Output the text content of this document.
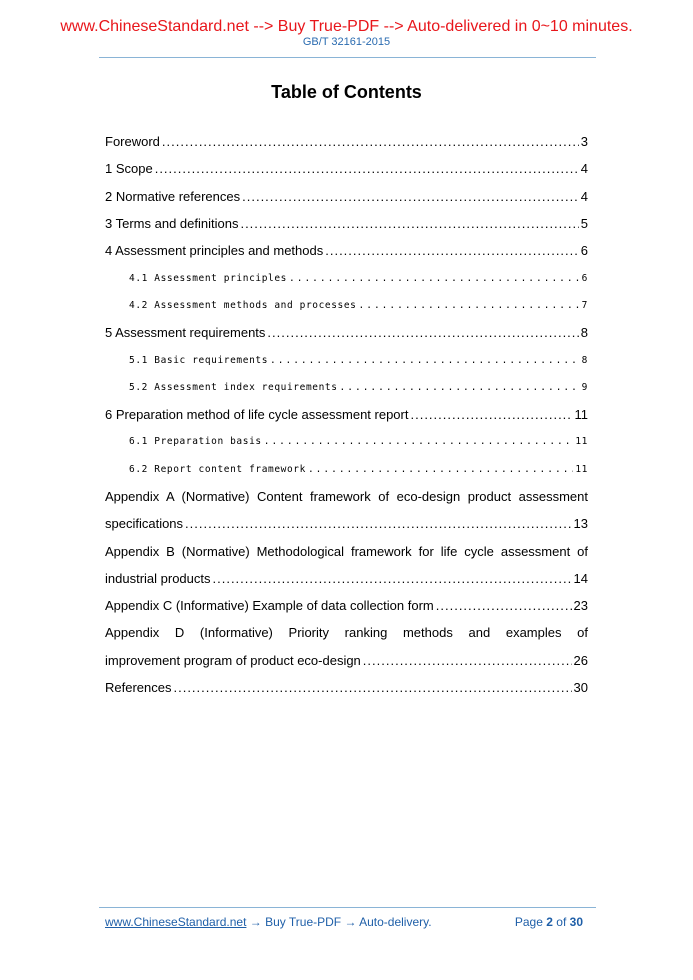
www.ChineseStandard.net --> Buy True-PDF --> Auto-delivered in 0~10 minutes.
GB/T 32161-2015
Table of Contents
Foreword .....	3
1 Scope .....	4
2 Normative references .....	4
3 Terms and definitions .....	5
4 Assessment principles and methods .....	6
4.1 Assessment principles .....	6
4.2 Assessment methods and processes .....	7
5 Assessment requirements .....	8
5.1 Basic requirements .....	8
5.2 Assessment index requirements .....	9
6 Preparation method of life cycle assessment report .....	11
6.1 Preparation basis .....	11
6.2 Report content framework .....	11
Appendix A (Normative) Content framework of eco-design product assessment
specifications .....	13
Appendix B (Normative) Methodological framework for life cycle assessment of
industrial products .....	14
Appendix C (Informative) Example of data collection form .....	23
Appendix D (Informative) Priority ranking methods and examples of
improvement program of product eco-design .....	26
References .....	30
www.ChineseStandard.net → Buy True-PDF → Auto-delivery.	Page 2 of 30
